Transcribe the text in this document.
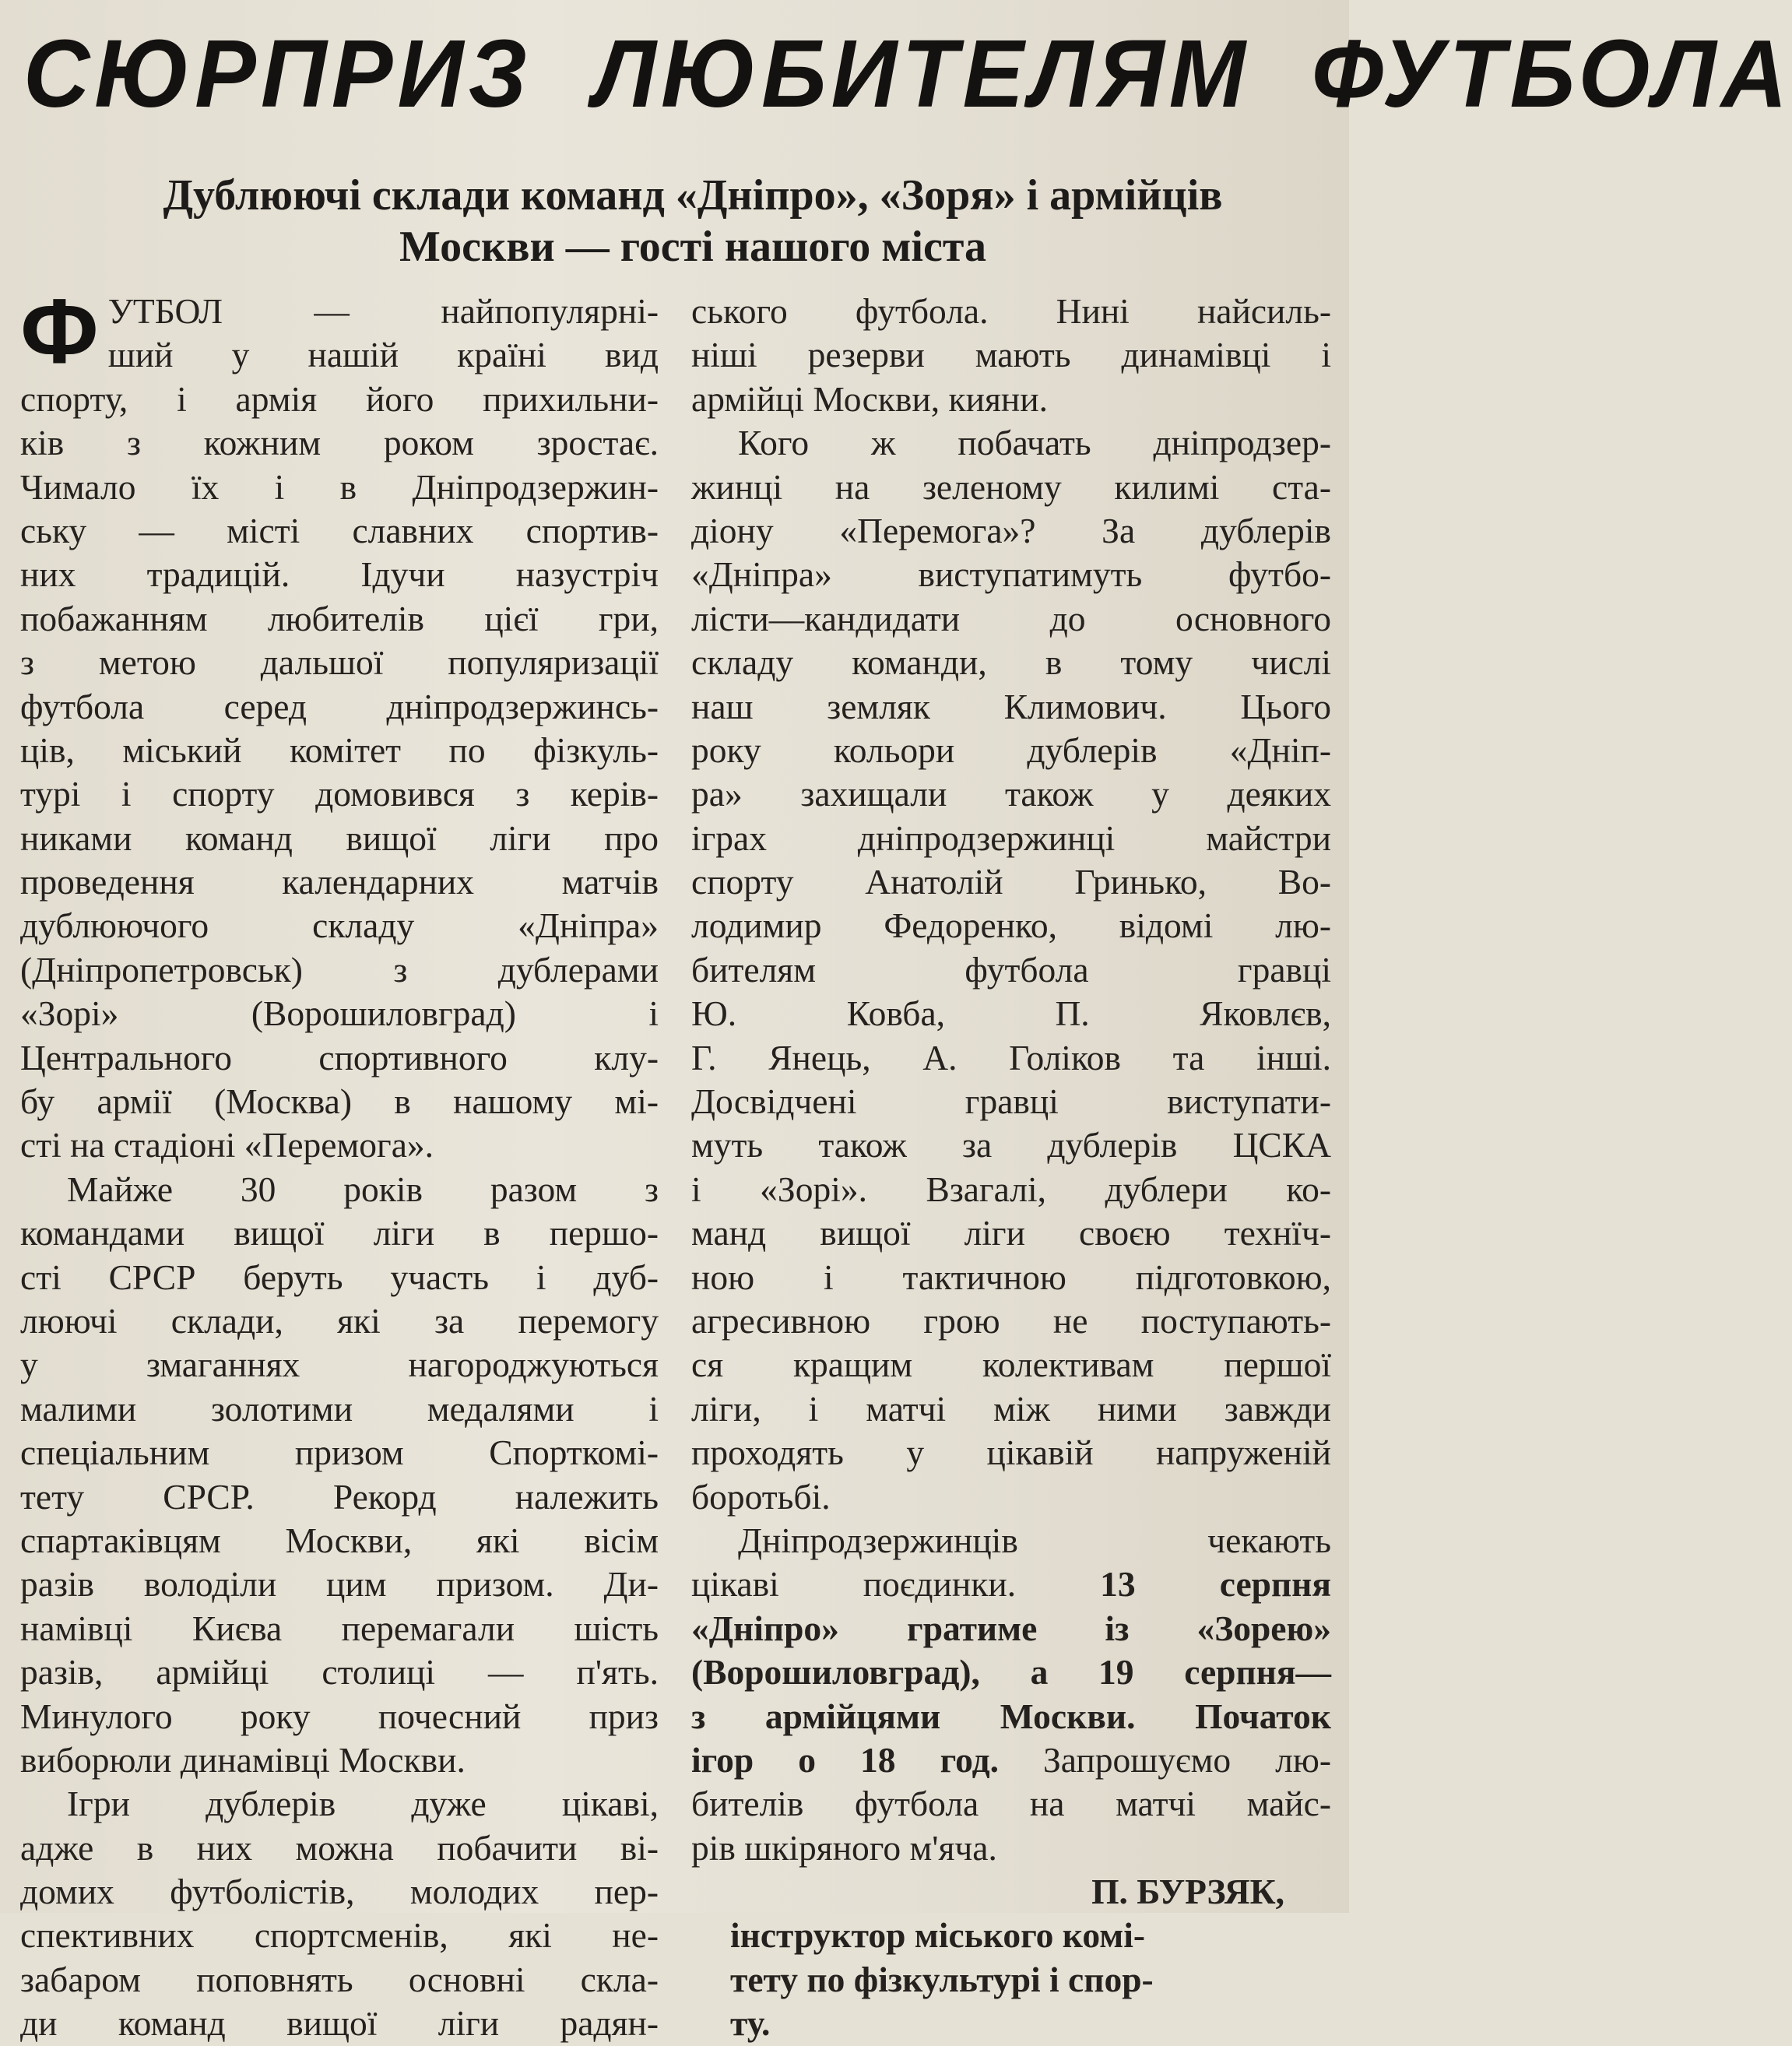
СЮРПРИЗ ЛЮБИТЕЛЯМ ФУТБОЛА
Дублюючі склади команд «Дніпро», «Зоря» і армійців
Москви — гості нашого міста
Ф УТБОЛ — найпопулярні-
ший у нашій країні вид
спорту, і армія його прихильни-
ків з кожним роком зростає.
Чимало їх і в Дніпродзержин-
ську — місті славних спортив-
них традицій. Ідучи назустріч
побажанням любителів цієї гри,
з метою дальшої популяризації
футбола серед дніпродзержинсь-
ців, міський комітет по фізкуль-
турі і спорту домовився з керів-
никами команд вищої ліги про
проведення календарних матчів
дублюючого складу «Дніпра»
(Дніпропетровськ) з дублерами
«Зорі» (Ворошиловград) і
Центрального спортивного клу-
бу армії (Москва) в нашому мі-
сті на стадіоні «Перемога».
Майже 30 років разом з
командами вищої ліги в першо-
сті СРСР беруть участь і дуб-
люючі склади, які за перемогу
у змаганнях нагороджуються
малими золотими медалями і
спеціальним призом Спорткомі-
тету СРСР. Рекорд належить
спартаківцям Москви, які вісім
разів володіли цим призом. Ди-
намівці Києва перемагали шість
разів, армійці столиці — п'ять.
Минулого року почесний приз
виборюли динамівці Москви.
Ігри дублерів дуже цікаві,
адже в них можна побачити ві-
домих футболістів, молодих пер-
спективних спортсменів, які не-
забаром поповнять основні скла-
ди команд вищої ліги радян-
ського футбола. Нині найсиль-
ніші резерви мають динамівці і
армійці Москви, кияни.
Кого ж побачать дніпродзер-
жинці на зеленому килимі ста-
діону «Перемога»? За дублерів
«Дніпра» виступатимуть футбо-
лісти—кандидати до основного
складу команди, в тому числі
наш земляк Климович. Цього
року кольори дублерів «Дніп-
ра» захищали також у деяких
іграх дніпродзержинці майстри
спорту Анатолій Гринько, Во-
лодимир Федоренко, відомі лю-
бителям футбола гравці
Ю. Ковба, П. Яковлєв,
Г. Янець, А. Голіков та інші.
Досвідчені гравці виступати-
муть також за дублерів ЦСКА
і «Зорі». Взагалі, дублери ко-
манд вищої ліги своєю технїч-
ною і тактичною підготовкою,
агресивною грою не поступають-
ся кращим колективам першої
ліги, і матчі між ними завжди
проходять у цікавій напруженій
боротьбі.
Дніпродзержинців чекають
цікаві поєдинки. 13 серпня
«Дніпро» гратиме із «Зорею»
(Ворошиловград), а 19 серпня—
з армійцями Москви. Початок
ігор о 18 год. Запрошуємо лю-
бителів футбола на матчі майс-
рів шкіряного м'яча.
П. БУРЗЯК,
інструктор міського комі-
тету по фізкультурі і спор-
ту.
